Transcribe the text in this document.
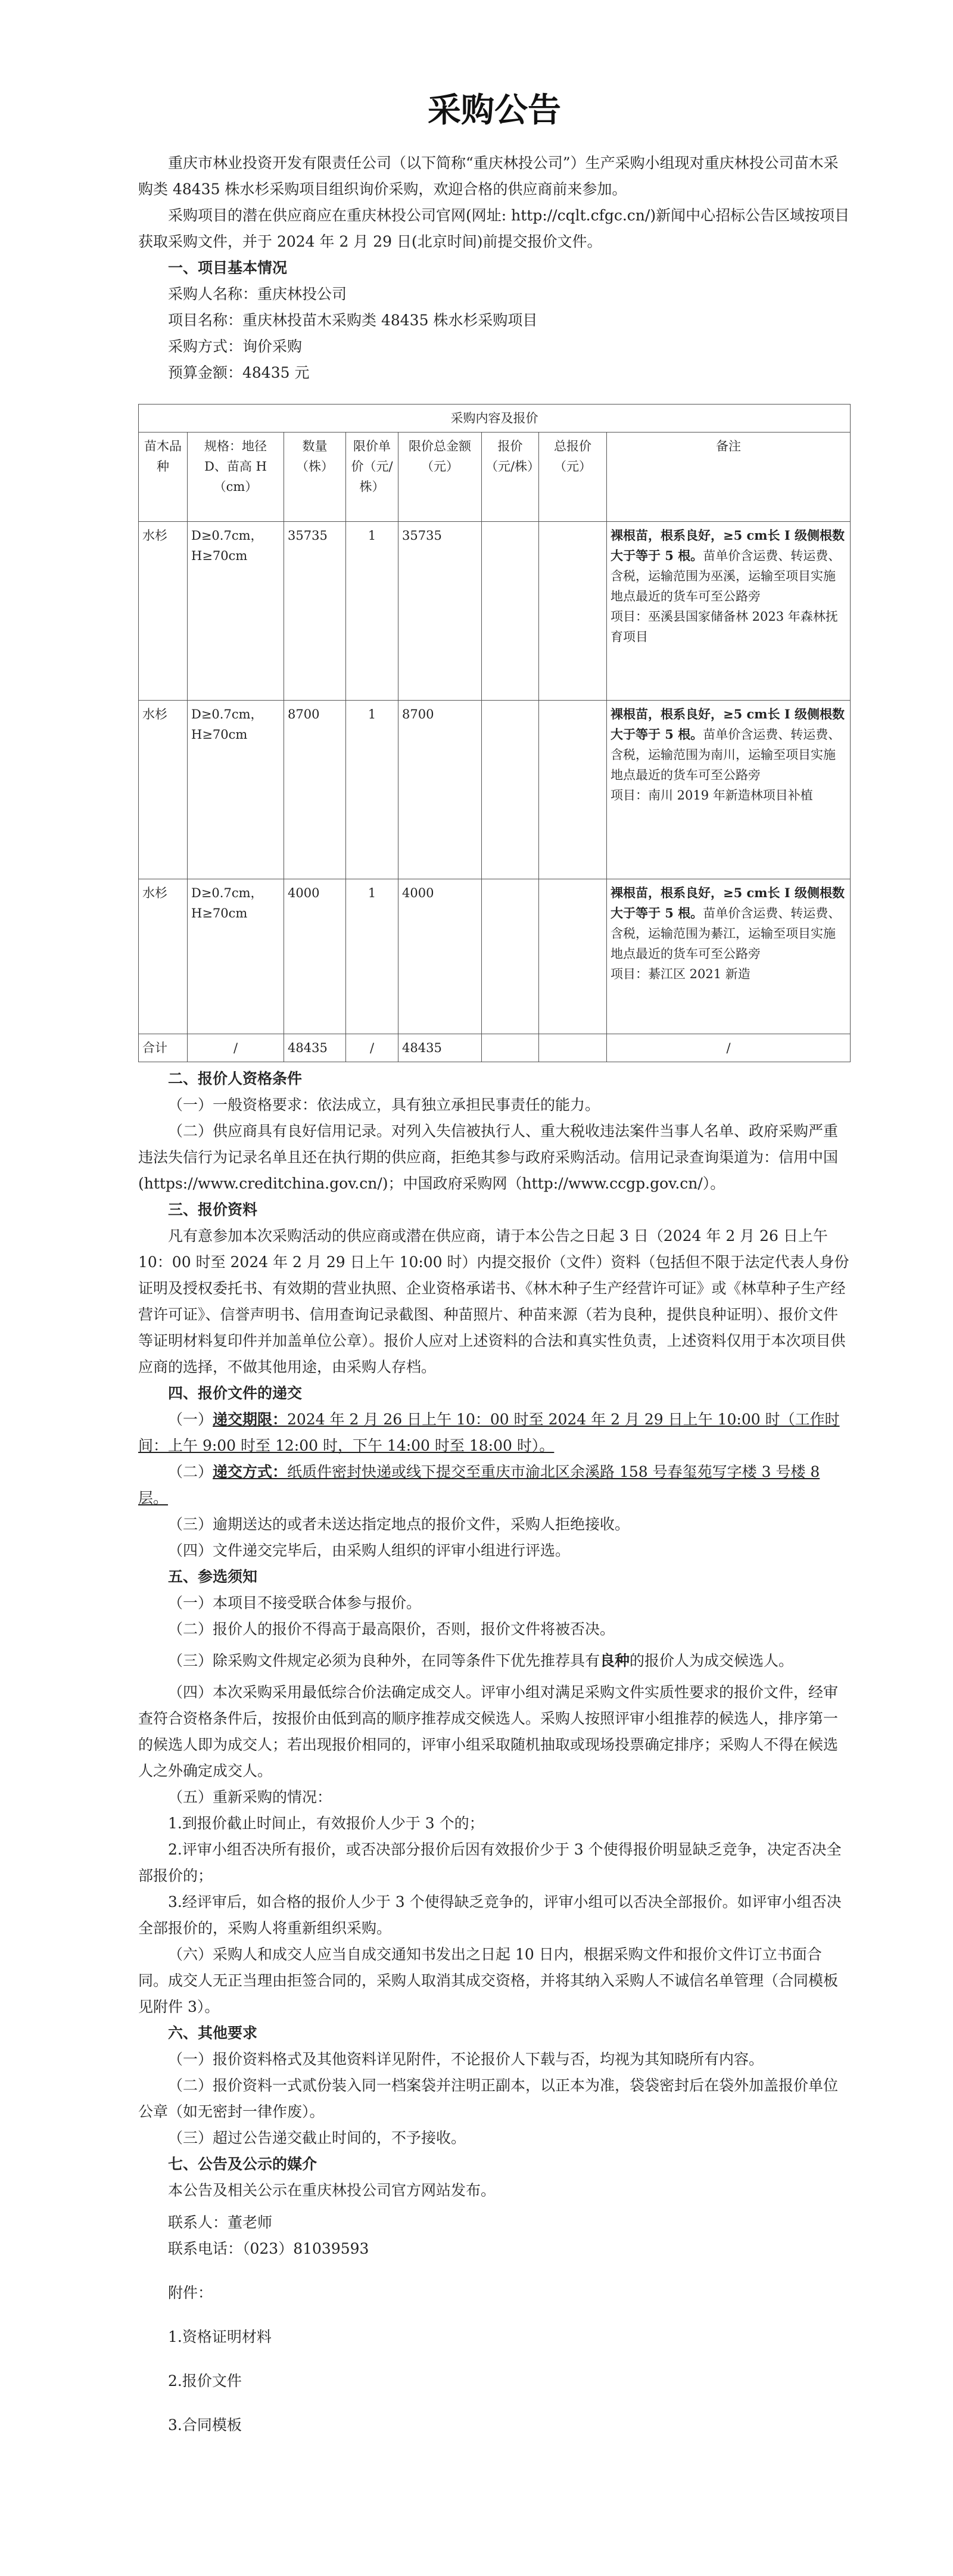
采购公告

重庆市林业投资开发有限责任公司（以下简称“重庆林投公司”）生产采购小组现对重庆林投公司苗木采购类 48435 株水杉采购项目组织询价采购，欢迎合格的供应商前来参加。

采购项目的潜在供应商应在重庆林投公司官网(网址: http://cqlt.cfgc.cn/)新闻中心招标公告区域按项目获取采购文件，并于 2024 年 2 月 29 日(北京时间)前提交报价文件。

一、项目基本情况

采购人名称：重庆林投公司

项目名称：重庆林投苗木采购类 48435 株水杉采购项目

采购方式：询价采购

预算金额：48435 元

采购内容及报价							
苗木品种	规格：地径 D、苗高 H（cm）	数量（株）	限价单价（元/株）	限价总金额（元）	报价（元/株）	总报价（元）	备注
水杉	D≥0.7cm，H≥70cm	35735	1	35735			裸根苗，根系良好，≥5 cm长 I 级侧根数大于等于 5 根。苗单价含运费、转运费、含税，运输范围为巫溪，运输至项目实施地点最近的货车可至公路旁
项目：巫溪县国家储备林 2023 年森林抚育项目
水杉	D≥0.7cm，H≥70cm	8700	1	8700			裸根苗，根系良好，≥5 cm长 I 级侧根数大于等于 5 根。苗单价含运费、转运费、含税，运输范围为南川，运输至项目实施地点最近的货车可至公路旁
项目：南川 2019 年新造林项目补植
水杉	D≥0.7cm，H≥70cm	4000	1	4000			裸根苗，根系良好，≥5 cm长 I 级侧根数大于等于 5 根。苗单价含运费、转运费、含税，运输范围为綦江，运输至项目实施地点最近的货车可至公路旁
项目：綦江区 2021 新造
合计	/	48435	/	48435			/

二、报价人资格条件

（一）一般资格要求：依法成立，具有独立承担民事责任的能力。

（二）供应商具有良好信用记录。对列入失信被执行人、重大税收违法案件当事人名单、政府采购严重违法失信行为记录名单且还在执行期的供应商，拒绝其参与政府采购活动。信用记录查询渠道为：信用中国(https://www.creditchina.gov.cn/)；中国政府采购网（http://www.ccgp.gov.cn/）。

三、报价资料

凡有意参加本次采购活动的供应商或潜在供应商，请于本公告之日起 3 日（2024 年 2 月 26 日上午 10：00 时至 2024 年 2 月 29 日上午 10:00 时）内提交报价（文件）资料（包括但不限于法定代表人身份证明及授权委托书、有效期的营业执照、企业资格承诺书、《林木种子生产经营许可证》或《林草种子生产经营许可证》、信誉声明书、信用查询记录截图、种苗照片、种苗来源（若为良种，提供良种证明）、报价文件等证明材料复印件并加盖单位公章）。报价人应对上述资料的合法和真实性负责，上述资料仅用于本次项目供应商的选择，不做其他用途，由采购人存档。

四、报价文件的递交

（一）递交期限：2024 年 2 月 26 日上午 10：00 时至 2024 年 2 月 29 日上午 10:00 时（工作时间：上午 9:00 时至 12:00 时，下午 14:00 时至 18:00 时）。

（二）递交方式：纸质件密封快递或线下提交至重庆市渝北区余溪路 158 号春玺苑写字楼 3 号楼 8 层。

（三）逾期送达的或者未送达指定地点的报价文件，采购人拒绝接收。

（四）文件递交完毕后，由采购人组织的评审小组进行评选。

五、参选须知

（一）本项目不接受联合体参与报价。

（二）报价人的报价不得高于最高限价，否则，报价文件将被否决。

（三）除采购文件规定必须为良种外，在同等条件下优先推荐具有良种的报价人为成交候选人。

（四）本次采购采用最低综合价法确定成交人。评审小组对满足采购文件实质性要求的报价文件，经审查符合资格条件后，按报价由低到高的顺序推荐成交候选人。采购人按照评审小组推荐的候选人，排序第一的候选人即为成交人；若出现报价相同的，评审小组采取随机抽取或现场投票确定排序；采购人不得在候选人之外确定成交人。

（五）重新采购的情况：

1.到报价截止时间止，有效报价人少于 3 个的；

2.评审小组否决所有报价，或否决部分报价后因有效报价少于 3 个使得报价明显缺乏竞争，决定否决全部报价的；

3.经评审后，如合格的报价人少于 3 个使得缺乏竞争的，评审小组可以否决全部报价。如评审小组否决全部报价的，采购人将重新组织采购。

（六）采购人和成交人应当自成交通知书发出之日起 10 日内，根据采购文件和报价文件订立书面合同。成交人无正当理由拒签合同的，采购人取消其成交资格，并将其纳入采购人不诚信名单管理（合同模板见附件 3）。

六、其他要求

（一）报价资料格式及其他资料详见附件，不论报价人下载与否，均视为其知晓所有内容。

（二）报价资料一式贰份装入同一档案袋并注明正副本，以正本为准，袋袋密封后在袋外加盖报价单位公章（如无密封一律作废）。

（三）超过公告递交截止时间的，不予接收。

七、公告及公示的媒介

本公告及相关公示在重庆林投公司官方网站发布。

联系人：董老师

联系电话：（023）81039593

附件：

1.资格证明材料

2.报价文件

3.合同模板
